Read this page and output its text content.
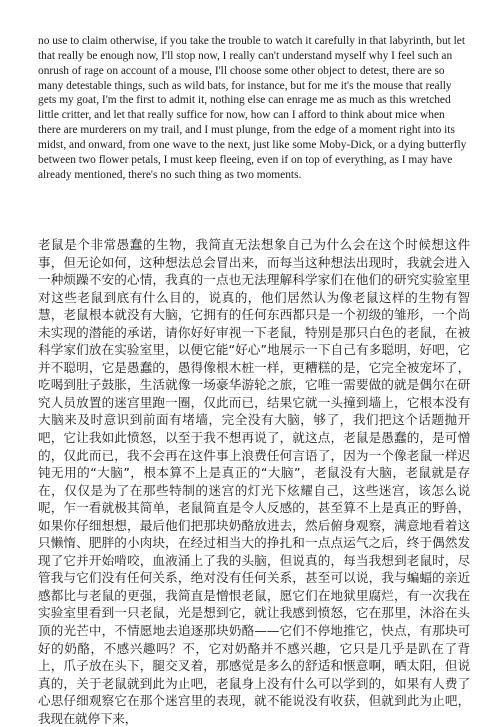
no use to claim otherwise, if you take the trouble to watch it carefully in that labyrinth, but let that really be enough now, I'll stop now, I really can't understand myself why I feel such an onrush of rage on account of a mouse, I'll choose some other object to detest, there are so many detestable things, such as wild bats, for instance, but for me it's the mouse that really gets my goat, I'm the first to admit it, nothing else can enrage me as much as this wretched little critter, and let that really suffice for now, how can I afford to think about mice when there are murderers on my trail, and I must plunge, from the edge of a moment right into its midst, and onward, from one wave to the next, just like some Moby-Dick, or a dying butterfly between two flower petals, I must keep fleeing, even if on top of everything, as I may have already mentioned, there's no such thing as two moments.

老鼠是个非常愚蠢的生物，我简直无法想象自己为什么会在这个时候想这件事，但无论如何，这种想法总会冒出来，而每当这种想法出现时，我就会进入一种烦躁不安的心情，我真的一点也无法理解科学家们在他们的研究实验室里对这些老鼠到底有什么目的，说真的，他们居然认为像老鼠这样的生物有智慧，老鼠根本就没有大脑，它拥有的任何东西都只是一个初级的雏形，一个尚未实现的潜能的承诺，请你好好审视一下老鼠，特别是那只白色的老鼠，在被科学家们放在实验室里，以便它能“好心”地展示一下自己有多聪明，好吧，它并不聪明，它是愚蠢的，愚得像根木桩一样，更糟糕的是，它完全被宠坏了，吃喝到肚子鼓胀，生活就像一场豪华游轮之旅，它唯一需要做的就是偶尔在研究人员放置的迷宫里跑一圈，仅此而已，结果它就一头撞到墙上，它根本没有大脑来及时意识到前面有堵墙，完全没有大脑，够了，我们把这个话题抛开吧，它让我如此愤怒，以至于我不想再说了，就这点，老鼠是愚蠢的，是可憎的，仅此而已，我不会再在这件事上浪费任何言语了，因为一个像老鼠一样迟钝无用的“大脑”，根本算不上是真正的“大脑”，老鼠没有大脑，老鼠就是存在，仅仅是为了在那些特制的迷宫的灯光下炫耀自己，这些迷宫，该怎么说呢，乍一看就极其简单，老鼠简直是令人反感的，甚至算不上是真正的野兽，如果你仔细想想，最后他们把那块奶酪放进去，然后俯身观察，满意地看着这只懒惰、肥胖的小肉块，在经过相当大的挣扎和一点点运气之后，终于偶然发现了它并开始啃咬，血液涌上了我的头脑，但说真的，每当我想到老鼠时，尽管我与它们没有任何关系，绝对没有任何关系，甚至可以说，我与蝙蝠的亲近感都比与老鼠的更强，我简直是憎恨老鼠，愿它们在地狱里腐烂，有一次我在实验室里看到一只老鼠，光是想到它，就让我感到愤怒，它在那里，沐浴在头顶的光芒中，不情愿地去追逐那块奶酪——它们不停地推它，快点，有那块可好的奶酪，不感兴趣吗？不，它对奶酪并不感兴趣，它只是几乎是趴在了背上，爪子放在头下，腿交叉着，那感觉是多么的舒适和惬意啊，晒太阳，但说真的，关于老鼠就到此为止吧，老鼠身上没有什么可以学到的，如果有人费了心思仔细观察它在那个迷宫里的表现，就不能说没有收获，但就到此为止吧，我现在就停下来，
